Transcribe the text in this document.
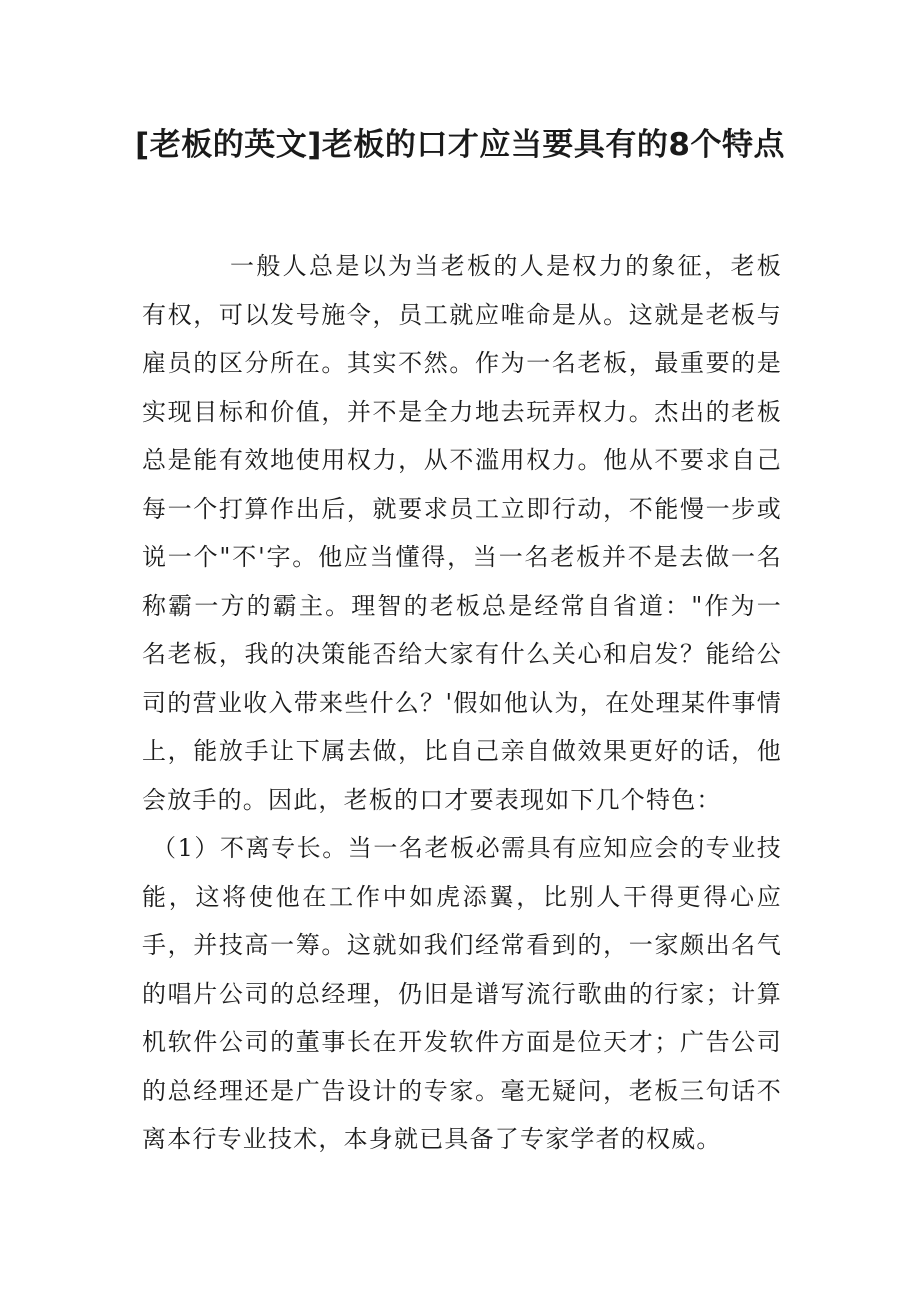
[老板的英文]老板的口才应当要具有的8个特点

一般人总是以为当老板的人是权力的象征，老板有权，可以发号施令，员工就应唯命是从。这就是老板与雇员的区分所在。其实不然。作为一名老板，最重要的是实现目标和价值，并不是全力地去玩弄权力。杰出的老板总是能有效地使用权力，从不滥用权力。他从不要求自己每一个打算作出后，就要求员工立即行动，不能慢一步或说一个"不'字。他应当懂得，当一名老板并不是去做一名称霸一方的霸主。理智的老板总是经常自省道："作为一名老板，我的决策能否给大家有什么关心和启发？能给公司的营业收入带来些什么？'假如他认为，在处理某件事情上，能放手让下属去做，比自己亲自做效果更好的话，他会放手的。因此，老板的口才要表现如下几个特色：

（1）不离专长。当一名老板必需具有应知应会的专业技能，这将使他在工作中如虎添翼，比别人干得更得心应手，并技高一筹。这就如我们经常看到的，一家颇出名气的唱片公司的总经理，仍旧是谱写流行歌曲的行家；计算机软件公司的董事长在开发软件方面是位天才；广告公司的总经理还是广告设计的专家。毫无疑问，老板三句话不离本行专业技术，本身就已具备了专家学者的权威。
